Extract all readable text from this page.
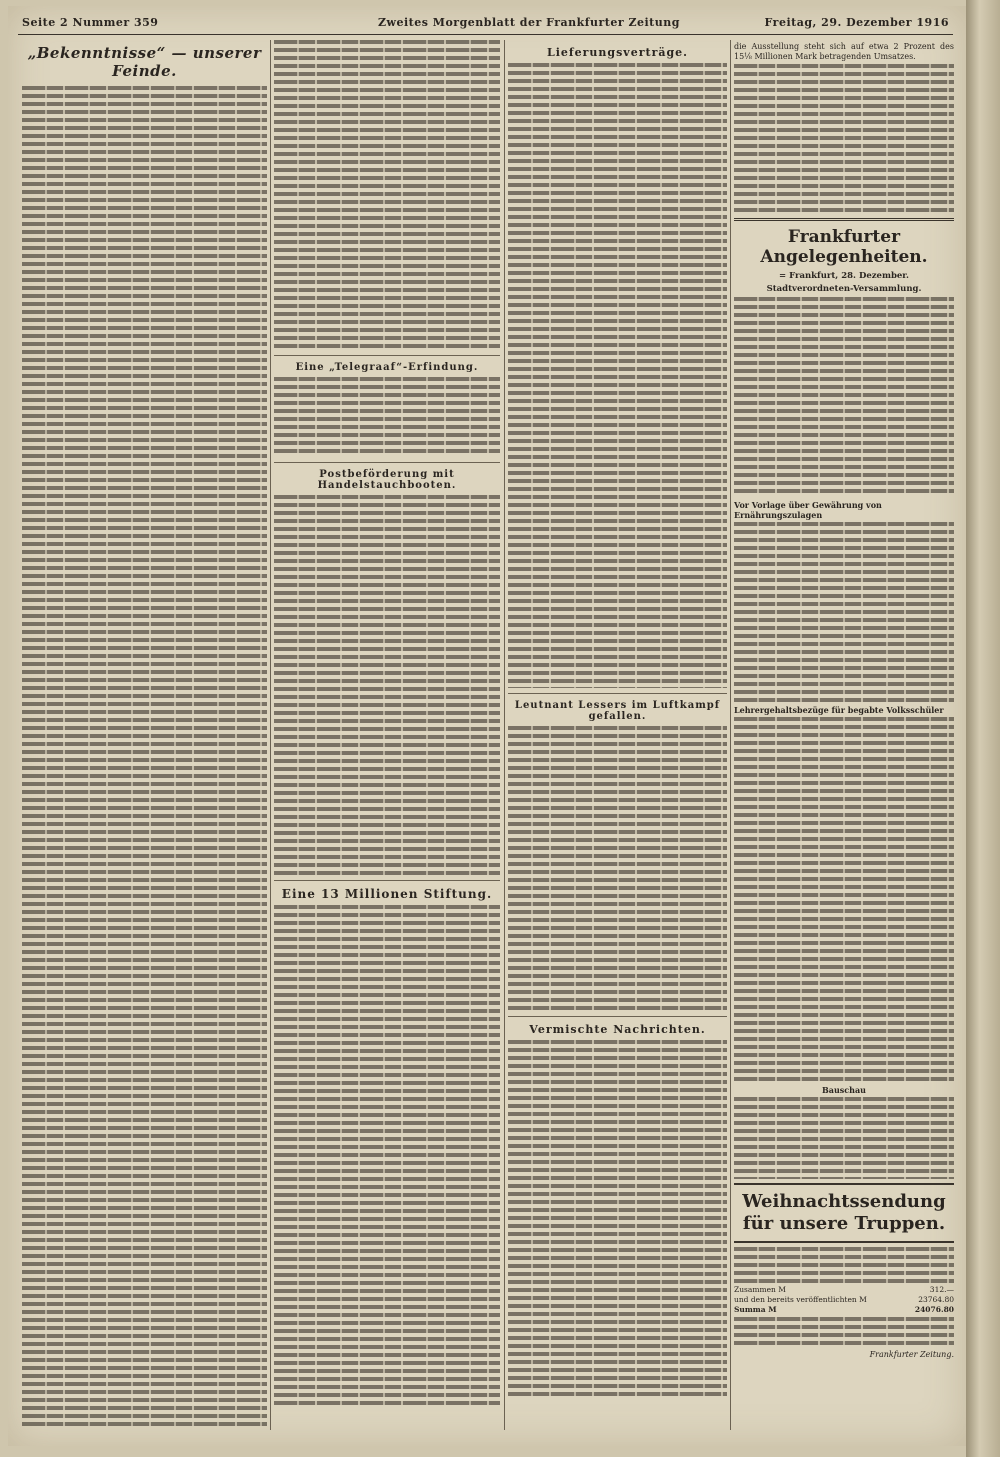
Seite 2 Nummer 359	Zweites Morgenblatt der Frankfurter Zeitung	Freitag, 29. Dezember 1916
„Bekenntnisse“ — unserer Feinde.
Eine „Telegraaf“-Erfindung.
Postbeförderung mit Handelstauchbooten.
Eine 13 Millionen Stiftung.
Lieferungsverträge.
Leutnant Lessers im Luftkampf gefallen.
Vermischte Nachrichten.
die Ausstellung steht sich auf etwa 2 Prozent des 15⅛ Millionen Mark betragenden Umsatzes.
Frankfurter Angelegenheiten.
= Frankfurt, 28. Dezember.
Stadtverordneten-Versammlung.
Vor Vorlage über Gewährung von Ernährungszulagen
Lehrergehaltsbezüge für begabte Volksschüler
Bauschau
Weihnachtssendung für unsere Truppen.
Zusammen M	312.—
und den bereits veröffentlichten M	23764.80
Summa M	24076.80
Frankfurter Zeitung.
